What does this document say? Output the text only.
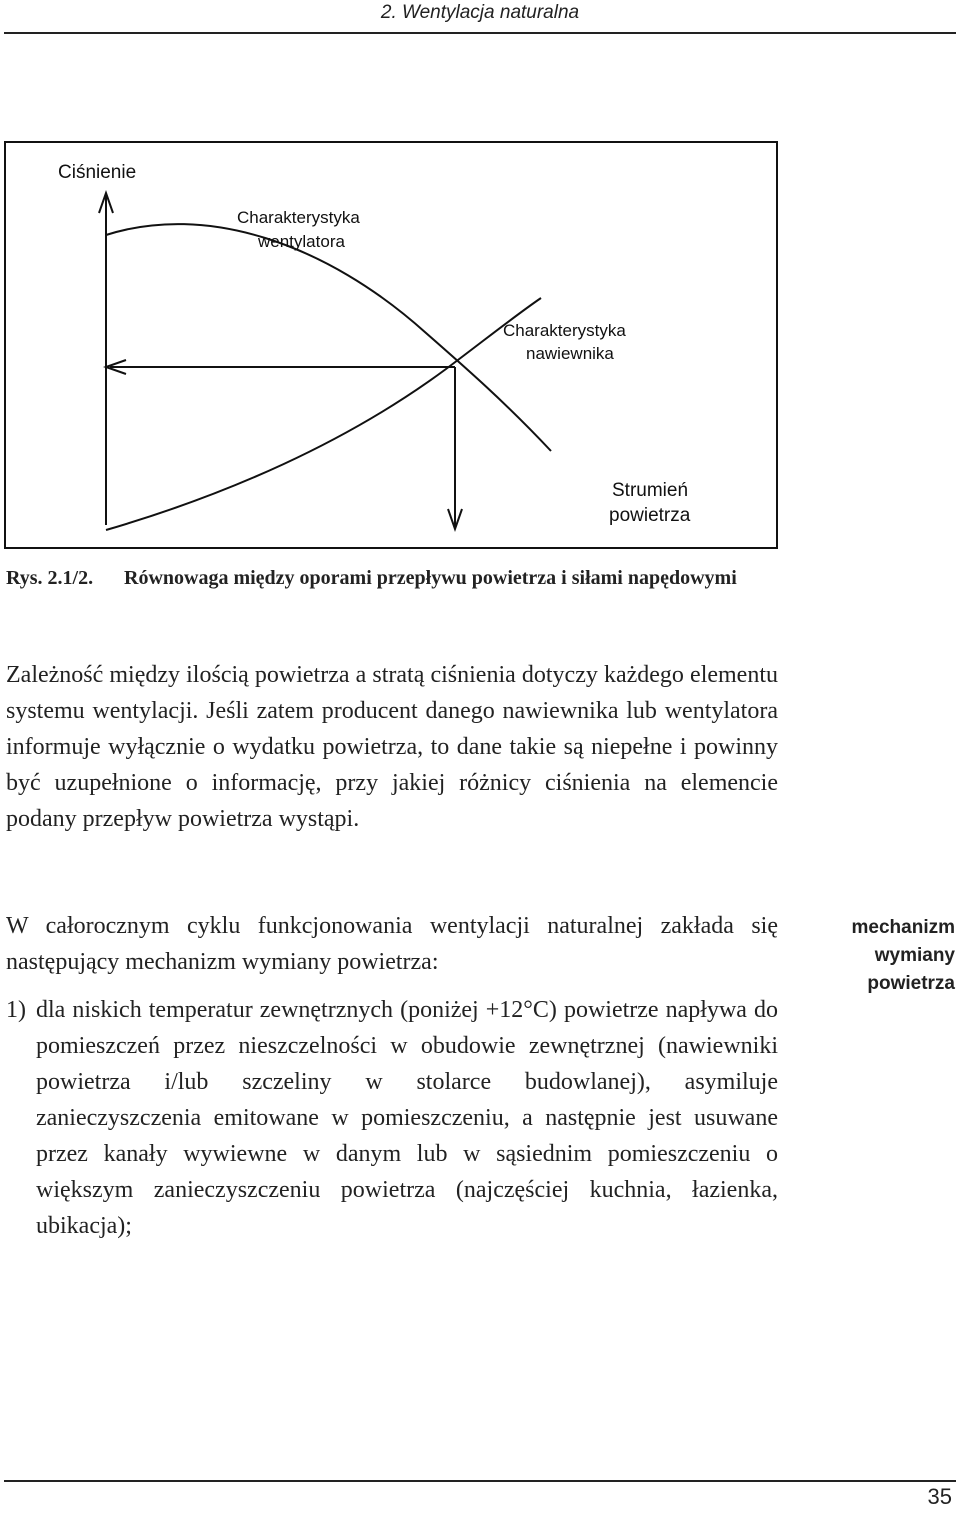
2. Wentylacja naturalna
Ciśnienie
Charakterystyka
wentylatora
Charakterystyka
nawiewnika
Strumień
powietrza
Rys. 2.1/2. Równowaga między oporami przepływu powietrza i siłami napędowymi
Zależność między ilością powietrza a stratą ciśnienia dotyczy każdego elementu systemu wentylacji. Jeśli zatem producent danego nawiewnika lub wentylatora informuje wyłącznie o wydatku powietrza, to dane takie są niepełne i powinny być uzupełnione o informację, przy jakiej różnicy ciśnienia na elemencie podany przepływ powietrza wystąpi.
W całorocznym cyklu funkcjonowania wentylacji naturalnej zakłada się następujący mechanizm wymiany powietrza:
1) dla niskich temperatur zewnętrznych (poniżej +12°C) powietrze napływa do pomieszczeń przez nieszczelności w obudowie zewnętrznej (nawiewniki powietrza i/lub szczeliny w stolarce budowlanej), asymiluje zanieczyszczenia emitowane w pomieszczeniu, a następnie jest usuwane przez kanały wywiewne w danym lub w sąsiednim pomieszczeniu o większym zanieczyszczeniu powietrza (najczęściej kuchnia, łazienka, ubikacja);
mechanizm
wymiany
powietrza
35
